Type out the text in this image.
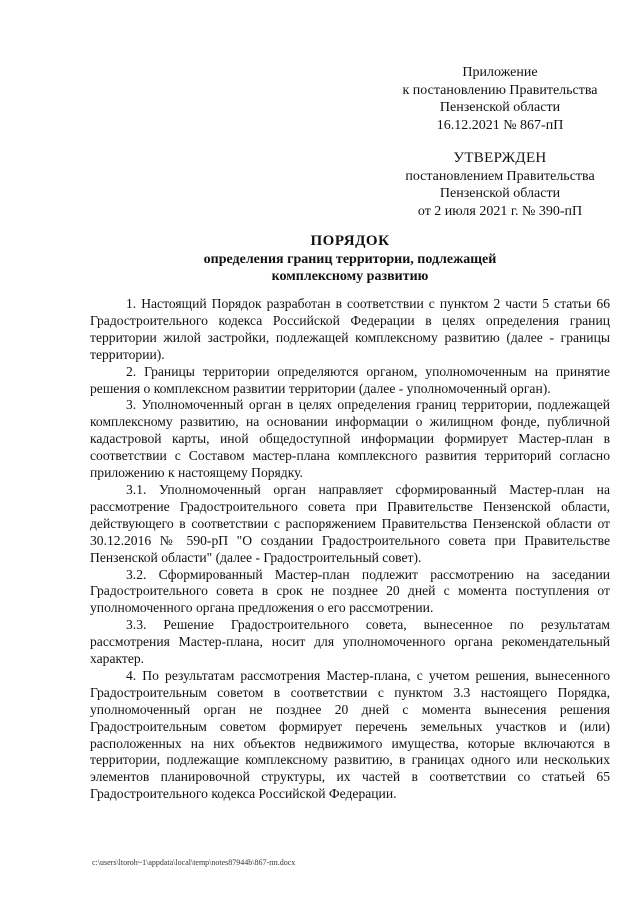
Приложение
к постановлению Правительства
Пензенской области
16.12.2021 № 867-пП
УТВЕРЖДЕН
постановлением Правительства
Пензенской области
от 2 июля 2021 г. № 390-пП
ПОРЯДОК
определения границ территории, подлежащей
комплексному развитию

1. Настоящий Порядок разработан в соответствии с пунктом 2 части 5 статьи 66 Градостроительного кодекса Российской Федерации в целях определения границ территории жилой застройки, подлежащей комплексному развитию (далее - границы территории).

2. Границы территории определяются органом, уполномоченным на принятие решения о комплексном развитии территории (далее - уполномоченный орган).

3. Уполномоченный орган в целях определения границ территории, подлежащей комплексному развитию, на основании информации о жилищном фонде, публичной кадастровой карты, иной общедоступной информации формирует Мастер-план в соответствии с Составом мастер-плана комплексного развития территорий согласно приложению к настоящему Порядку.

3.1. Уполномоченный орган направляет сформированный Мастер-план на рассмотрение Градостроительного совета при Правительстве Пензенской области, действующего в соответствии с распоряжением Правительства Пензенской области от 30.12.2016 № 590-рП "О создании Градостроительного совета при Правительстве Пензенской области" (далее - Градостроительный совет).

3.2. Сформированный Мастер-план подлежит рассмотрению на заседании Градостроительного совета в срок не позднее 20 дней с момента поступления от уполномоченного органа предложения о его рассмотрении.

3.3. Решение Градостроительного совета, вынесенное по результатам рассмотрения Мастер-плана, носит для уполномоченного органа рекомендательный характер.

4. По результатам рассмотрения Мастер-плана, с учетом решения, вынесенного Градостроительным советом в соответствии с пунктом 3.3 настоящего Порядка, уполномоченный орган не позднее 20 дней с момента вынесения решения Градостроительным советом формирует перечень земельных участков и (или) расположенных на них объектов недвижимого имущества, которые включаются в территории, подлежащие комплексному развитию, в границах одного или нескольких элементов планировочной структуры, их частей в соответствии со статьей 65 Градостроительного кодекса Российской Федерации.

c:\users\ltoroh~1\appdata\local\temp\notes87944b\867-пп.docx
